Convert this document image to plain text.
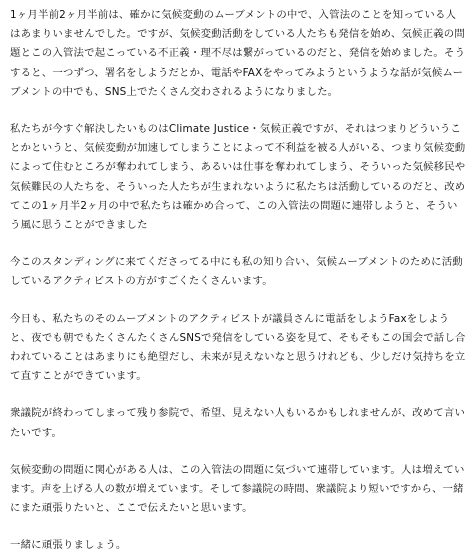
1ヶ月半前2ヶ月半前は、確かに気候変動のムーブメントの中で、入管法のことを知っている人はあまりいませんでした。ですが、気候変動活動をしている人たちも発信を始め、気候正義の問題とこの入管法で起こっている不正義・理不尽は繋がっているのだと、発信を始めました。そうすると、一つずつ、署名をしようだとか、電話やFAXをやってみようというような話が気候ムーブメントの中でも、SNS上でたくさん交わされるようになりました。

私たちが今すぐ解決したいものはClimate Justice・気候正義ですが、それはつまりどういうことかというと、気候変動が加速してしまうことによって不利益を被る人がいる、つまり気候変動によって住むところが奪われてしまう、あるいは仕事を奪われてしまう、そういった気候移民や気候難民の人たちを、そういった人たちが生まれないように私たちは活動しているのだと、改めてこの1ヶ月半2ヶ月の中で私たちは確かめ合って、この入管法の問題に連帯しようと、そういう風に思うことができました

今このスタンディングに来てくださってる中にも私の知り合い、気候ムーブメントのために活動しているアクティビストの方がすごくたくさんいます。

今日も、私たちのそのムーブメントのアクティビストが議員さんに電話をしようFaxをしようと、夜でも朝でもたくさんたくさんSNSで発信をしている姿を見て、そもそもこの国会で話し合われていることはあまりにも絶望だし、未来が見えないなと思うけれども、少しだけ気持ちを立て直すことができています。

衆議院が終わってしまって残り参院で、希望、見えない人もいるかもしれませんが、改めて言いたいです。

気候変動の問題に関心がある人は、この入管法の問題に気づいて連帯しています。人は増えています。声を上げる人の数が増えています。そして参議院の時間、衆議院より短いですから、一緒にまた頑張りたいと、ここで伝えたいと思います。

一緒に頑張りましょう。
